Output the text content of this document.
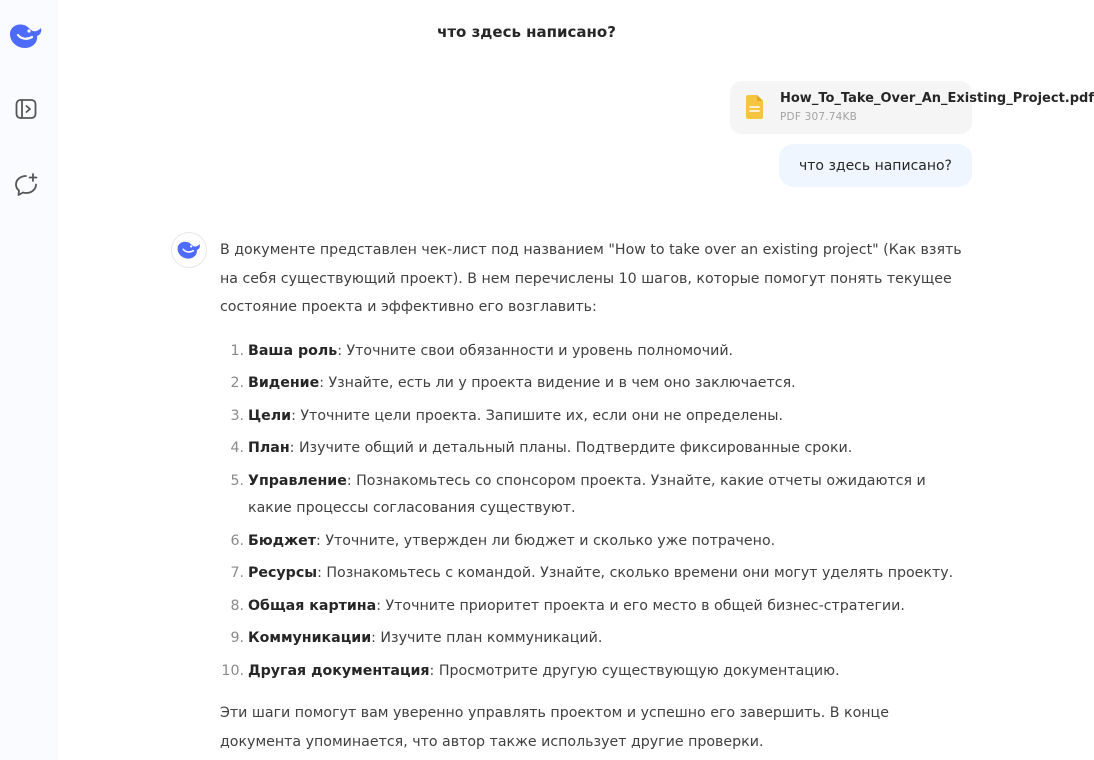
что здесь написано?
How_To_Take_Over_An_Existing_Project.pdf
PDF 307.74KB
что здесь написано?

В документе представлен чек-лист под названием "How to take over an existing project" (Как взять на себя существующий проект). В нем перечислены 10 шагов, которые помогут понять текущее состояние проекта и эффективно его возглавить:

1. Ваша роль: Уточните свои обязанности и уровень полномочий.
2. Видение: Узнайте, есть ли у проекта видение и в чем оно заключается.
3. Цели: Уточните цели проекта. Запишите их, если они не определены.
4. План: Изучите общий и детальный планы. Подтвердите фиксированные сроки.
5. Управление: Познакомьтесь со спонсором проекта. Узнайте, какие отчеты ожидаются и какие процессы согласования существуют.
6. Бюджет: Уточните, утвержден ли бюджет и сколько уже потрачено.
7. Ресурсы: Познакомьтесь с командой. Узнайте, сколько времени они могут уделять проекту.
8. Общая картина: Уточните приоритет проекта и его место в общей бизнес-стратегии.
9. Коммуникации: Изучите план коммуникаций.
10. Другая документация: Просмотрите другую существующую документацию.

Эти шаги помогут вам уверенно управлять проектом и успешно его завершить. В конце документа упоминается, что автор также использует другие проверки.
